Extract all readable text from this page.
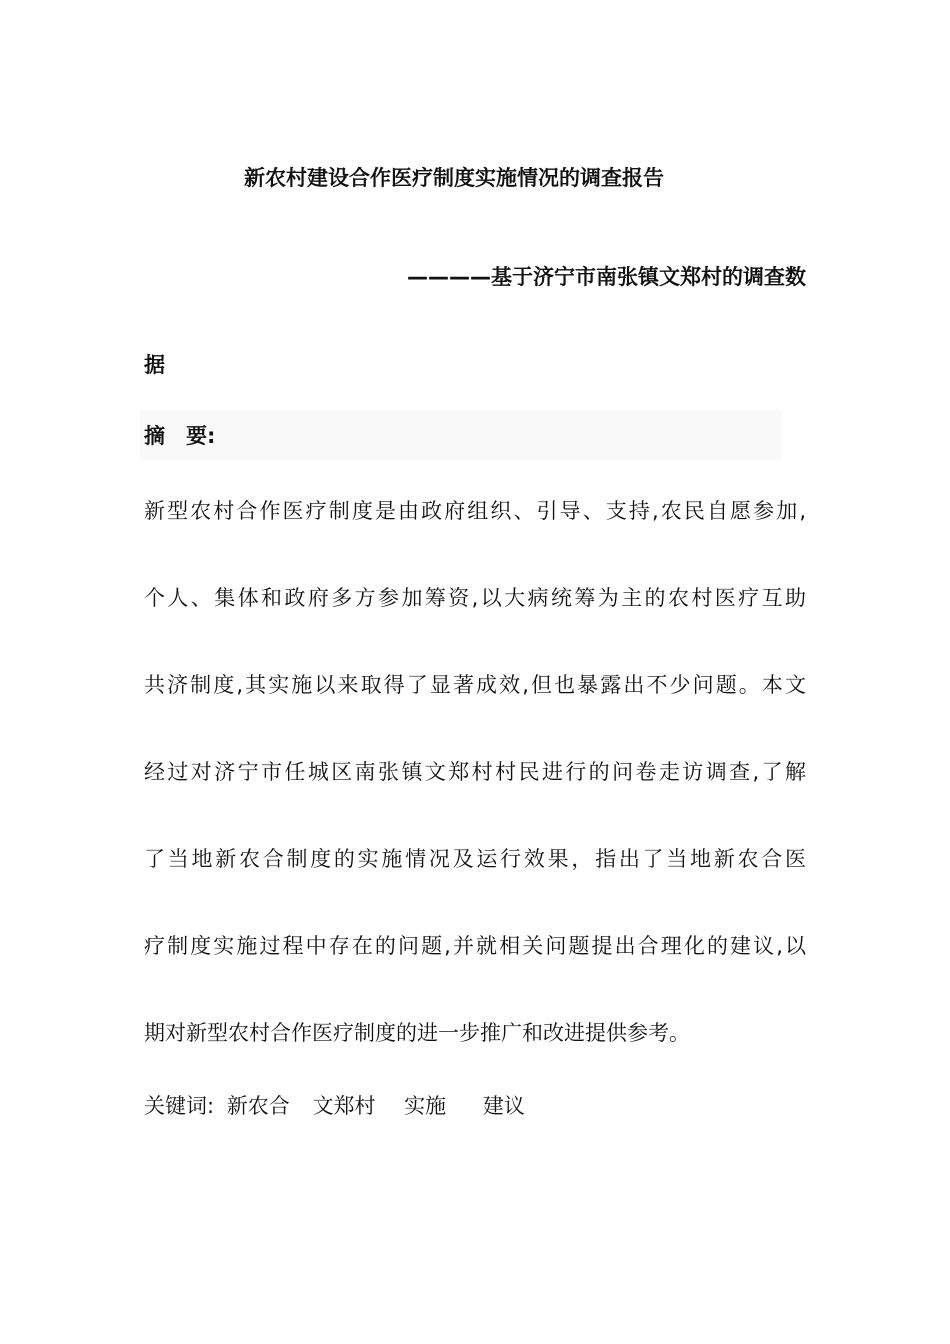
新农村建设合作医疗制度实施情况的调查报告
————基于济宁市南张镇文郑村的调查数
据
摘　要:
新型农村合作医疗制度是由政府组织、引导、支持,农民自愿参加,
个人、集体和政府多方参加筹资,以大病统筹为主的农村医疗互助
共济制度,其实施以来取得了显著成效,但也暴露出不少问题。本文
经过对济宁市任城区南张镇文郑村村民进行的问卷走访调查,了解
了当地新农合制度的实施情况及运行效果，指出了当地新农合医
疗制度实施过程中存在的问题,并就相关问题提出合理化的建议,以
期对新型农村合作医疗制度的进一步推广和改进提供参考。
关键词: 新农合 文郑村 实施 建议
